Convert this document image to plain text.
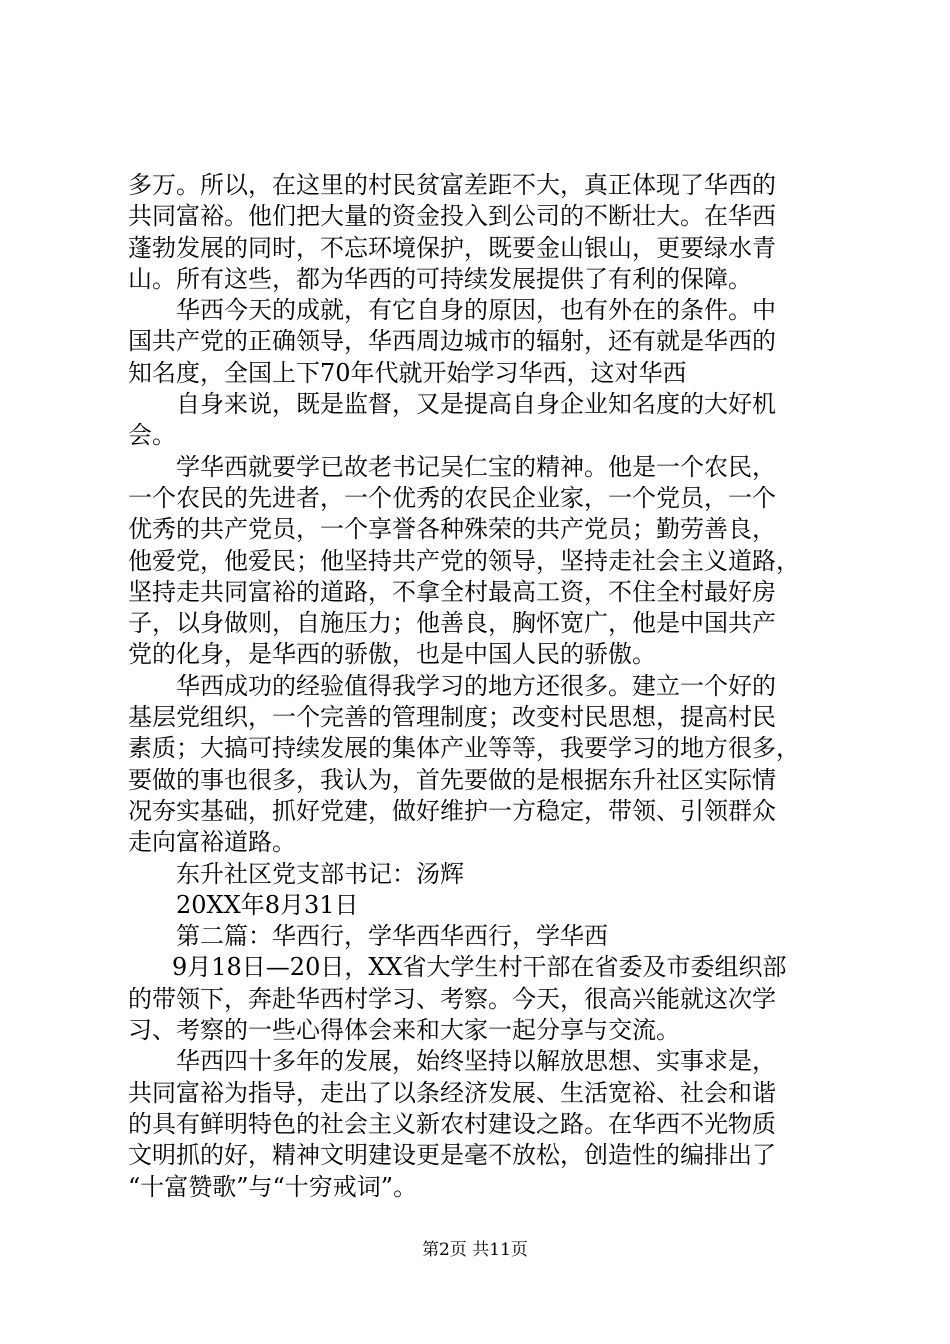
多万。所以，在这里的村民贫富差距不大，真正体现了华西的
共同富裕。他们把大量的资金投入到公司的不断壮大。在华西
蓬勃发展的同时，不忘环境保护，既要金山银山，更要绿水青
山。所有这些，都为华西的可持续发展提供了有利的保障。
华西今天的成就，有它自身的原因，也有外在的条件。中
国共产党的正确领导，华西周边城市的辐射，还有就是华西的
知名度，全国上下70年代就开始学习华西，这对华西
自身来说，既是监督，又是提高自身企业知名度的大好机
会。
学华西就要学已故老书记吴仁宝的精神。他是一个农民，
一个农民的先进者，一个优秀的农民企业家，一个党员，一个
优秀的共产党员，一个享誉各种殊荣的共产党员；勤劳善良，
他爱党，他爱民；他坚持共产党的领导，坚持走社会主义道路，
坚持走共同富裕的道路，不拿全村最高工资，不住全村最好房
子，以身做则，自施压力；他善良，胸怀宽广，他是中国共产
党的化身，是华西的骄傲，也是中国人民的骄傲。
华西成功的经验值得我学习的地方还很多。建立一个好的
基层党组织，一个完善的管理制度；改变村民思想，提高村民
素质；大搞可持续发展的集体产业等等，我要学习的地方很多，
要做的事也很多，我认为，首先要做的是根据东升社区实际情
况夯实基础，抓好党建，做好维护一方稳定，带领、引领群众
走向富裕道路。
东升社区党支部书记：汤辉
20XX年8月31日
第二篇：华西行，学华西华西行，学华西
9月18日—20日，XX省大学生村干部在省委及市委组织部
的带领下，奔赴华西村学习、考察。今天，很高兴能就这次学
习、考察的一些心得体会来和大家一起分享与交流。
华西四十多年的发展，始终坚持以解放思想、实事求是，
共同富裕为指导，走出了以条经济发展、生活宽裕、社会和谐
的具有鲜明特色的社会主义新农村建设之路。在华西不光物质
文明抓的好，精神文明建设更是毫不放松，创造性的编排出了
“十富赞歌”与“十穷戒词”。
第2页 共11页
